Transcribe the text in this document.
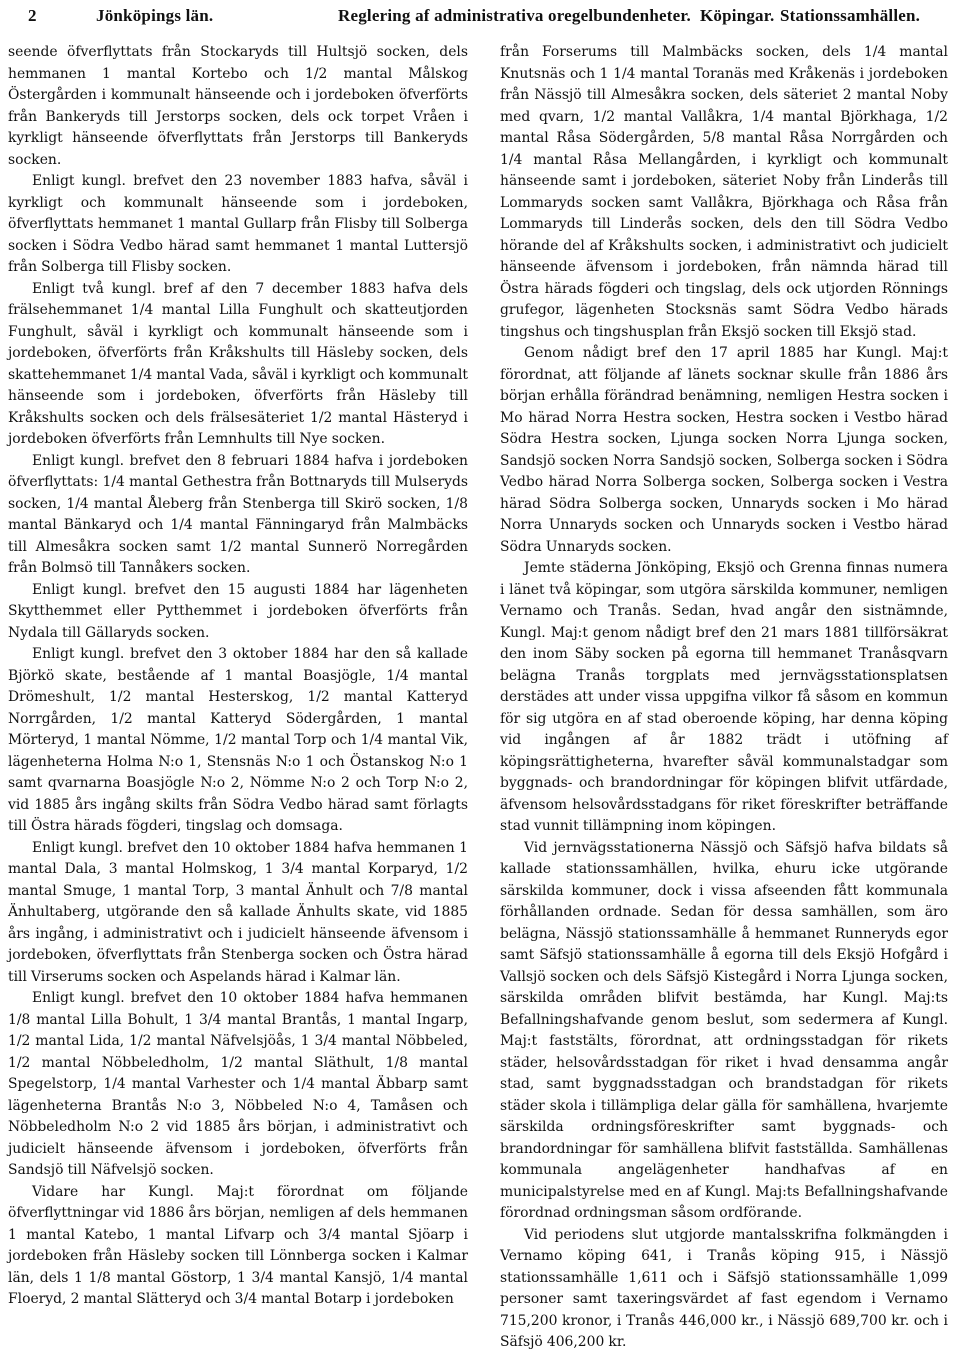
2	Jönköpings län.	Reglering af administrativa oregelbundenheter. Köpingar. Stationssamhällen.

seende öfverflyttats från Stockaryds till Hultsjö socken, dels hemmanen 1 mantal Kortebo och 1/2 mantal Målskog Östergården i kommunalt hänseende och i jordeboken öfverförts från Bankeryds till Jerstorps socken, dels ock torpet Vråen i kyrkligt hänseende öfverflyttats från Jerstorps till Bankeryds socken.

Enligt kungl. brefvet den 23 november 1883 hafva, såväl i kyrkligt och kommunalt hänseende som i jordeboken, öfverflyttats hemmanet 1 mantal Gullarp från Flisby till Solberga socken i Södra Vedbo härad samt hemmanet 1 mantal Luttersjö från Solberga till Flisby socken.

Enligt två kungl. bref af den 7 december 1883 hafva dels frälsehemmanet 1/4 mantal Lilla Funghult och skatteutjorden Funghult, såväl i kyrkligt och kommunalt hänseende som i jordeboken, öfverförts från Kråkshults till Häsleby socken, dels skattehemmanet 1/4 mantal Vada, såväl i kyrkligt och kommunalt hänseende som i jordeboken, öfverförts från Häsleby till Kråkshults socken och dels frälsesäteriet 1/2 mantal Hästeryd i jordeboken öfverförts från Lemnhults till Nye socken.

Enligt kungl. brefvet den 8 februari 1884 hafva i jordeboken öfverflyttats: 1/4 mantal Gethestra från Bottnaryds till Mulseryds socken, 1/4 mantal Åleberg från Stenberga till Skirö socken, 1/8 mantal Bänkaryd och 1/4 mantal Fänningaryd från Malmbäcks till Almesåkra socken samt 1/2 mantal Sunnerö Norregården från Bolmsö till Tannåkers socken.

Enligt kungl. brefvet den 15 augusti 1884 har lägenheten Skytthemmet eller Pytthemmet i jordeboken öfverförts från Nydala till Gällaryds socken.

Enligt kungl. brefvet den 3 oktober 1884 har den så kallade Björkö skate, bestående af 1 mantal Boasjögle, 1/4 mantal Drömeshult, 1/2 mantal Hesterskog, 1/2 mantal Katteryd Norrgården, 1/2 mantal Katteryd Södergården, 1 mantal Mörteryd, 1 mantal Nömme, 1/2 mantal Torp och 1/4 mantal Vik, lägenheterna Holma N:o 1, Stensnäs N:o 1 och Östanskog N:o 1 samt qvarnarna Boasjögle N:o 2, Nömme N:o 2 och Torp N:o 2, vid 1885 års ingång skilts från Södra Vedbo härad samt förlagts till Östra härads fögderi, tingslag och domsaga.

Enligt kungl. brefvet den 10 oktober 1884 hafva hemmanen 1 mantal Dala, 3 mantal Holmskog, 1 3/4 mantal Korparyd, 1/2 mantal Smuge, 1 mantal Torp, 3 mantal Änhult och 7/8 mantal Änhultaberg, utgörande den så kallade Änhults skate, vid 1885 års ingång, i administrativt och i judicielt hänseende äfvensom i jordeboken, öfverflyttats från Stenberga socken och Östra härad till Virserums socken och Aspelands härad i Kalmar län.

Enligt kungl. brefvet den 10 oktober 1884 hafva hemmanen 1/8 mantal Lilla Bohult, 1 3/4 mantal Brantås, 1 mantal Ingarp, 1/2 mantal Lida, 1/2 mantal Näfvelsjöås, 1 3/4 mantal Nöbbeled, 1/2 mantal Nöbbeledholm, 1/2 mantal Släthult, 1/8 mantal Spegelstorp, 1/4 mantal Varhester och 1/4 mantal Äbbarp samt lägenheterna Brantås N:o 3, Nöbbeled N:o 4, Tamåsen och Nöbbeledholm N:o 2 vid 1885 års början, i administrativt och judicielt hänseende äfvensom i jordeboken, öfverförts från Sandsjö till Näfvelsjö socken.

Vidare har Kungl. Maj:t förordnat om följande öfverflyttningar vid 1886 års början, nemligen af dels hemmanen 1 mantal Katebo, 1 mantal Lifvarp och 3/4 mantal Sjöarp i jordeboken från Häsleby socken till Lönnberga socken i Kalmar län, dels 1 1/8 mantal Göstorp, 1 3/4 mantal Kansjö, 1/4 mantal Floeryd, 2 mantal Slätteryd och 3/4 mantal Botarp i jordeboken

från Forserums till Malmbäcks socken, dels 1/4 mantal Knutsnäs och 1 1/4 mantal Toranäs med Kråkenäs i jordeboken från Nässjö till Almesåkra socken, dels säteriet 2 mantal Noby med qvarn, 1/2 mantal Vallåkra, 1/4 mantal Björkhaga, 1/2 mantal Råsa Södergården, 5/8 mantal Råsa Norrgården och 1/4 mantal Råsa Mellangården, i kyrkligt och kommunalt hänseende samt i jordeboken, säteriet Noby från Linderås till Lommaryds socken samt Vallåkra, Björkhaga och Råsa från Lommaryds till Linderås socken, dels den till Södra Vedbo hörande del af Kråkshults socken, i administrativt och judicielt hänseende äfvensom i jordeboken, från nämnda härad till Östra härads fögderi och tingslag, dels ock utjorden Rönnings grufegor, lägenheten Stocksnäs samt Södra Vedbo härads tingshus och tingshusplan från Eksjö socken till Eksjö stad.

Genom nådigt bref den 17 april 1885 har Kungl. Maj:t förordnat, att följande af länets socknar skulle från 1886 års början erhålla förändrad benämning, nemligen Hestra socken i Mo härad Norra Hestra socken, Hestra socken i Vestbo härad Södra Hestra socken, Ljunga socken Norra Ljunga socken, Sandsjö socken Norra Sandsjö socken, Solberga socken i Södra Vedbo härad Norra Solberga socken, Solberga socken i Vestra härad Södra Solberga socken, Unnaryds socken i Mo härad Norra Unnaryds socken och Unnaryds socken i Vestbo härad Södra Unnaryds socken.

Jemte städerna Jönköping, Eksjö och Grenna finnas numera i länet två köpingar, som utgöra särskilda kommuner, nemligen Vernamo och Tranås. Sedan, hvad angår den sistnämnde, Kungl. Maj:t genom nådigt bref den 21 mars 1881 tillförsäkrat den inom Säby socken på egorna till hemmanet Tranåsqvarn belägna Tranås torgplats med jernvägsstationsplatsen derstädes att under vissa uppgifna vilkor få såsom en kommun för sig utgöra en af stad oberoende köping, har denna köping vid ingången af år 1882 trädt i utöfning af köpingsrättigheterna, hvarefter såväl kommunalstadgar som byggnads- och brandordningar för köpingen blifvit utfärdade, äfvensom helsovårdsstadgans för riket föreskrifter beträffande stad vunnit tillämpning inom köpingen.

Vid jernvägsstationerna Nässjö och Säfsjö hafva bildats så kallade stationssamhällen, hvilka, ehuru icke utgörande särskilda kommuner, dock i vissa afseenden fått kommunala förhållanden ordnade. Sedan för dessa samhällen, som äro belägna, Nässjö stationssamhälle å hemmanet Runneryds egor samt Säfsjö stationssamhälle å egorna till dels Eksjö Hofgård i Vallsjö socken och dels Säfsjö Kistegård i Norra Ljunga socken, särskilda områden blifvit bestämda, har Kungl. Maj:ts Befallningshafvande genom beslut, som sedermera af Kungl. Maj:t faststälts, förordnat, att ordningsstadgan för rikets städer, helsovårdsstadgan för riket i hvad densamma angår stad, samt byggnadsstadgan och brandstadgan för rikets städer skola i tillämpliga delar gälla för samhällena, hvarjemte särskilda ordningsföreskrifter samt byggnads- och brandordningar för samhällena blifvit fastställda. Samhällenas kommunala angelägenheter handhafvas af en municipalstyrelse med en af Kungl. Maj:ts Befallningshafvande förordnad ordningsman såsom ordförande.

Vid periodens slut utgjorde mantalsskrifna folkmängden i Vernamo köping 641, i Tranås köping 915, i Nässjö stationssamhälle 1,611 och i Säfsjö stationssamhälle 1,099 personer samt taxeringsvärdet af fast egendom i Vernamo 715,200 kronor, i Tranås 446,000 kr., i Nässjö 689,700 kr. och i Säfsjö 406,200 kr.
